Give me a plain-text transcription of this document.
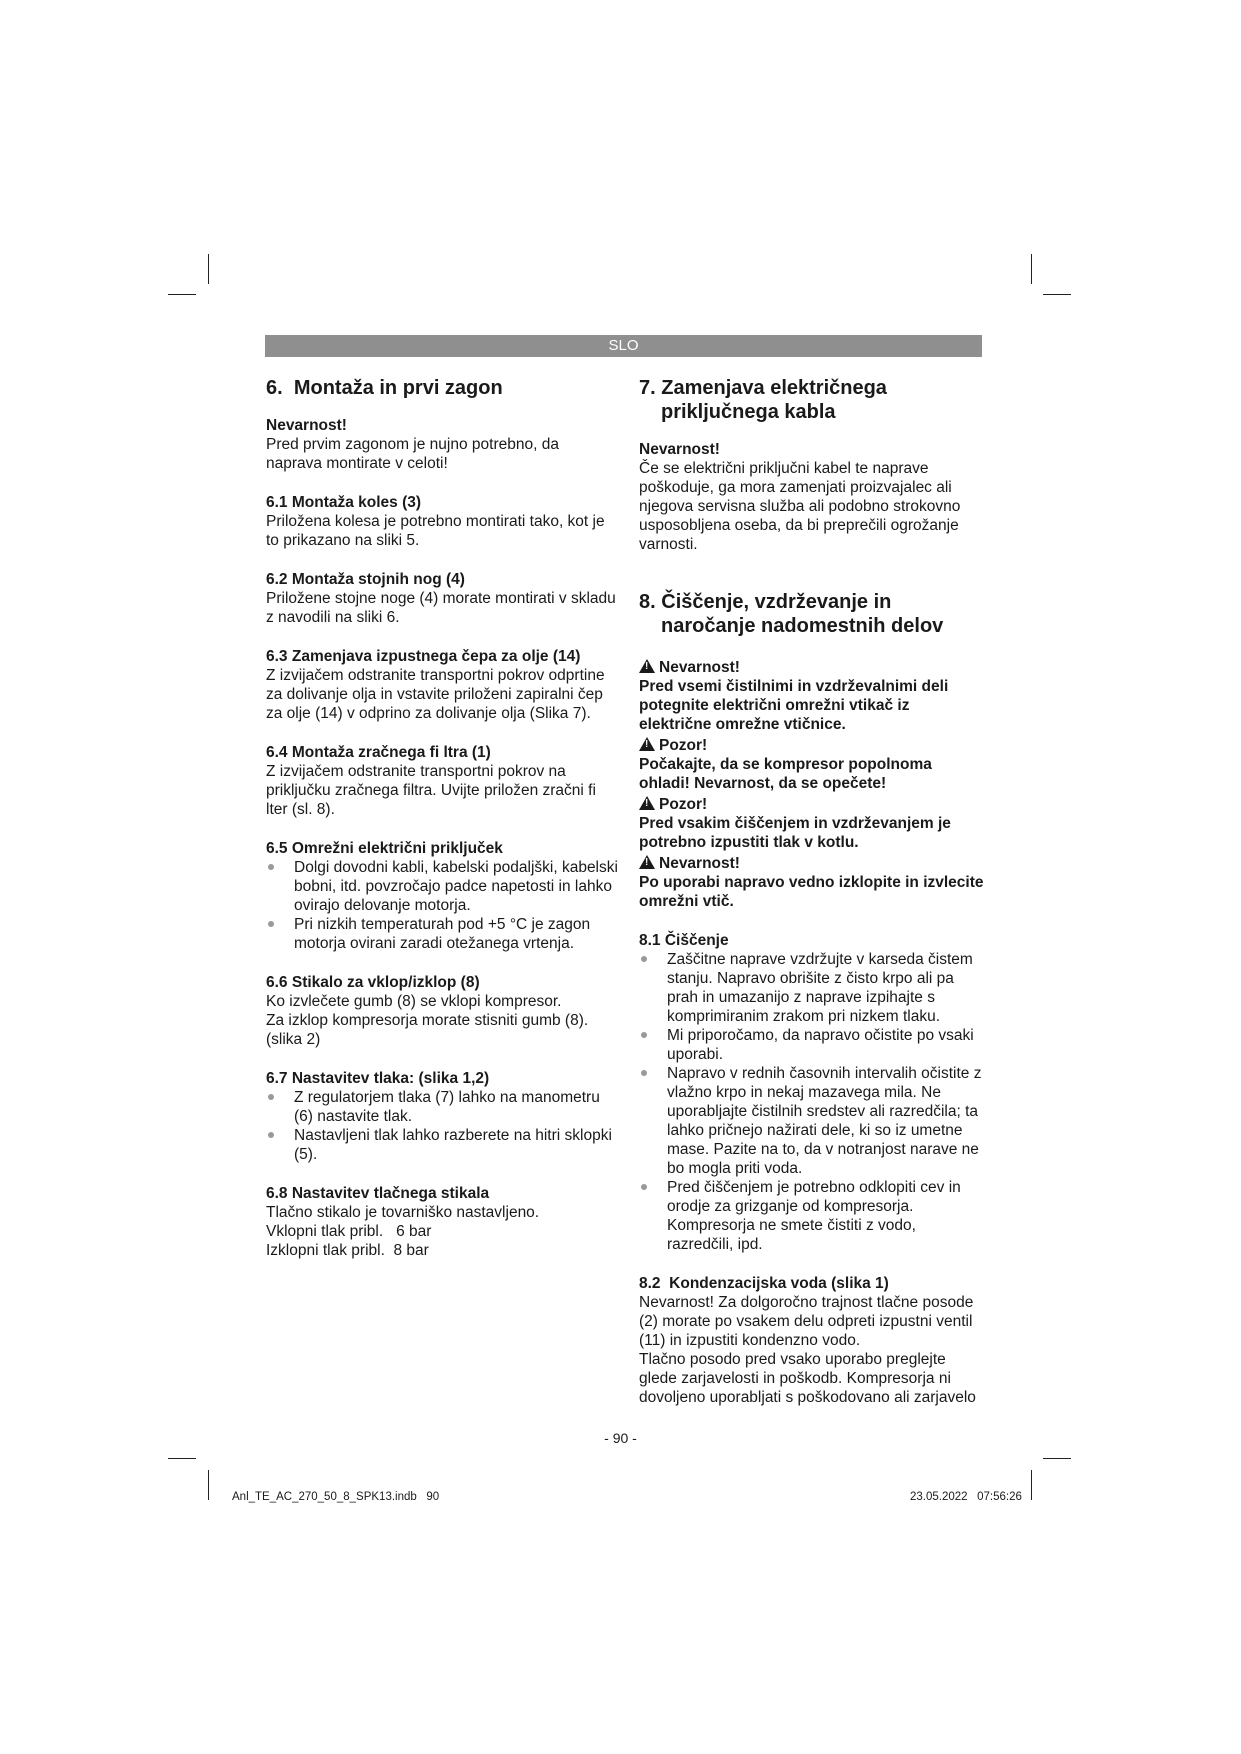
SLO
6. Montaža in prvi zagon

Nevarnost!

Pred prvim zagonom je nujno potrebno, da naprava montirate v celoti!

6.1 Montaža koles (3)

Priložena kolesa je potrebno montirati tako, kot je to prikazano na sliki 5.

6.2 Montaža stojnih nog (4)

Priložene stojne noge (4) morate montirati v skladu z navodili na sliki 6.

6.3 Zamenjava izpustnega čepa za olje (14)

Z izvijačem odstranite transportni pokrov odprtine za dolivanje olja in vstavite priloženi zapiralni čep za olje (14) v odprino za dolivanje olja (Slika 7).

6.4 Montaža zračnega fi ltra (1)

Z izvijačem odstranite transportni pokrov na priključku zračnega filtra. Uvijte priložen zračni fi lter (sl. 8).

6.5 Omrežni električni priključek
Dolgi dovodni kabli, kabelski podaljški, kabelski bobni, itd. povzročajo padce napetosti in lahko ovirajo delovanje motorja.
Pri nizkih temperaturah pod +5 °C je zagon motorja ovirani zaradi otežanega vrtenja.
6.6 Stikalo za vklop/izklop (8)

Ko izvlečete gumb (8) se vklopi kompresor.

Za izklop kompresorja morate stisniti gumb (8). (slika 2)

6.7 Nastavitev tlaka: (slika 1,2)
Z regulatorjem tlaka (7) lahko na manometru (6) nastavite tlak.
Nastavljeni tlak lahko razberete na hitri sklopki (5).
6.8 Nastavitev tlačnega stikala

Tlačno stikalo je tovarniško nastavljeno.

Vklopni tlak pribl.   6 bar

Izklopni tlak pribl.  8 bar

7. Zamenjava električnega
priključnega kabla

Nevarnost!

Če se električni priključni kabel te naprave poškoduje, ga mora zamenjati proizvajalec ali njegova servisna služba ali podobno strokovno usposobljena oseba, da bi preprečili ogrožanje varnosti.

8. Čiščenje, vzdrževanje in
naročanje nadomestnih delov

!Nevarnost!

Pred vsemi čistilnimi in vzdrževalnimi deli potegnite električni omrežni vtikač iz električne omrežne vtičnice.

!Pozor!

Počakajte, da se kompresor popolnoma ohladi! Nevarnost, da se opečete!

!Pozor!

Pred vsakim čiščenjem in vzdrževanjem je potrebno izpustiti tlak v kotlu.

!Nevarnost!

Po uporabi napravo vedno izklopite in izvlecite omrežni vtič.

8.1 Čiščenje
Zaščitne naprave vzdržujte v karseda čistem stanju. Napravo obrišite z čisto krpo ali pa prah in umazanijo z naprave izpihajte s komprimiranim zrakom pri nizkem tlaku.
Mi priporočamo, da napravo očistite po vsaki uporabi.
Napravo v rednih časovnih intervalih očistite z vlažno krpo in nekaj mazavega mila. Ne uporabljajte čistilnih sredstev ali razredčila; ta lahko pričnejo nažirati dele, ki so iz umetne mase. Pazite na to, da v notranjost narave ne bo mogla priti voda.
Pred čiščenjem je potrebno odklopiti cev in orodje za grizganje od kompresorja. Kompresorja ne smete čistiti z vodo, razredčili, ipd.
8.2  Kondenzacijska voda (slika 1)

Nevarnost! Za dolgoročno trajnost tlačne posode (2) morate po vsakem delu odpreti izpustni ventil (11) in izpustiti kondenzno vodo.

Tlačno posodo pred vsako uporabo preglejte glede zarjavelosti in poškodb. Kompresorja ni dovoljeno uporabljati s poškodovano ali zarjavelo

- 90 -
Anl_TE_AC_270_50_8_SPK13.indb   90	23.05.2022   07:56:26
